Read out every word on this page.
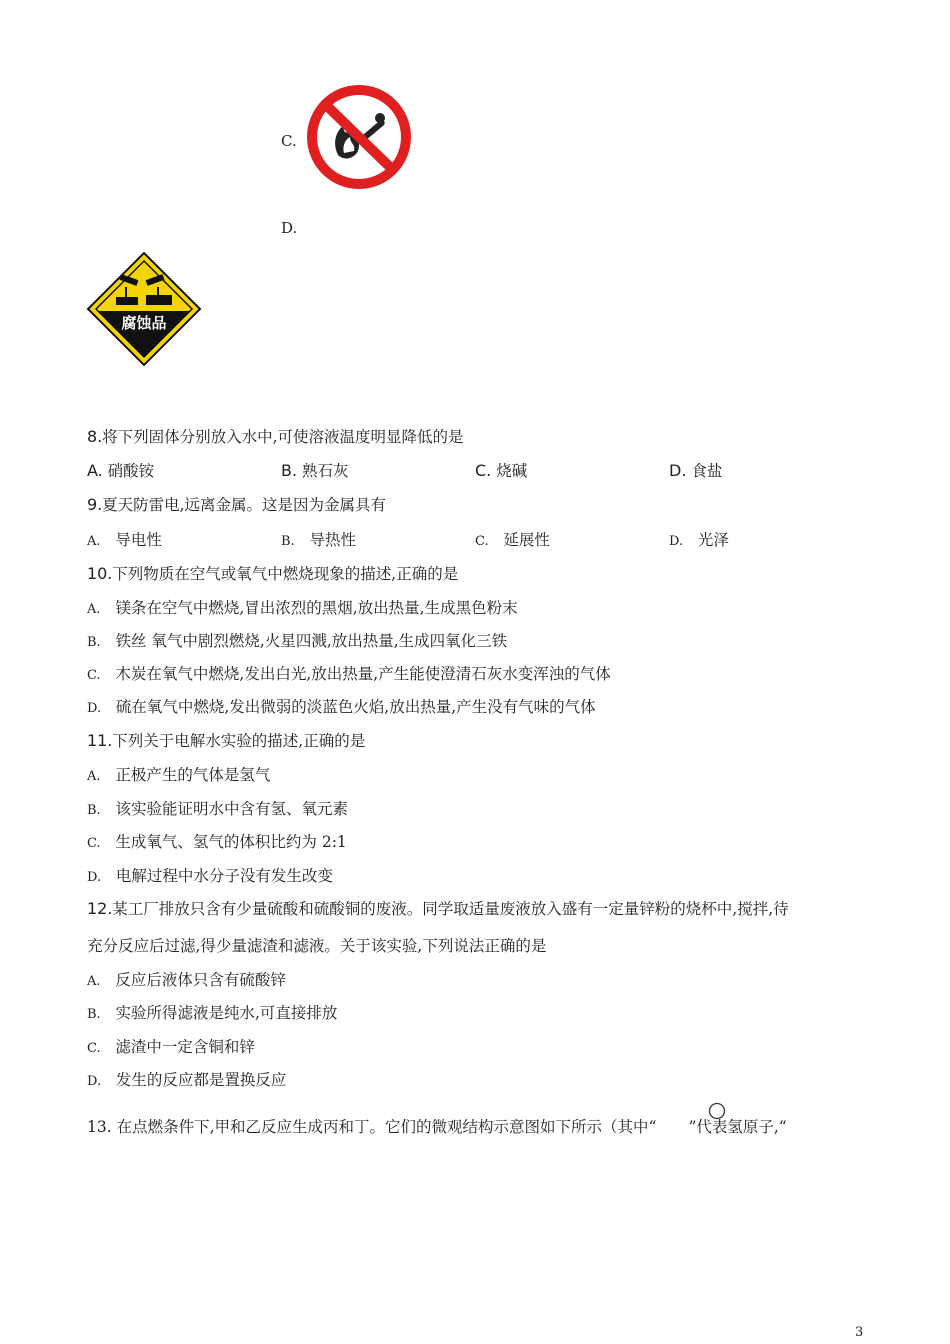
C.
D.
腐蚀品
8.将下列固体分别放入水中,可使溶液温度明显降低的是
A. 硝酸铵	B. 熟石灰	C. 烧碱	D. 食盐
9.夏天防雷电,远离金属。这是因为金属具有
A. 导电性	B. 导热性	C. 延展性	D. 光泽
10.下列物质在空气或氧气中燃烧现象的描述,正确的是
A. 镁条在空气中燃烧,冒出浓烈的黑烟,放出热量,生成黑色粉末
B. 铁丝 氧气中剧烈燃烧,火星四溅,放出热量,生成四氧化三铁
C. 木炭在氧气中燃烧,发出白光,放出热量,产生能使澄清石灰水变浑浊的气体
D. 硫在氧气中燃烧,发出微弱的淡蓝色火焰,放出热量,产生没有气味的气体
11.下列关于电解水实验的描述,正确的是
A. 正极产生的气体是氢气
B. 该实验能证明水中含有氢、氧元素
C. 生成氧气、氢气的体积比约为 2:1
D. 电解过程中水分子没有发生改变
12.某工厂排放只含有少量硫酸和硫酸铜的废液。同学取适量废液放入盛有一定量锌粉的烧杯中,搅拌,待
充分反应后过滤,得少量滤渣和滤液。关于该实验,下列说法正确的是
A. 反应后液体只含有硫酸锌
B. 实验所得滤液是纯水,可直接排放
C. 滤渣中一定含铜和锌
D. 发生的反应都是置换反应
13. 在点燃条件下,甲和乙反应生成丙和丁。它们的微观结构示意图如下所示（其中“ ”代表氢原子,“
3
